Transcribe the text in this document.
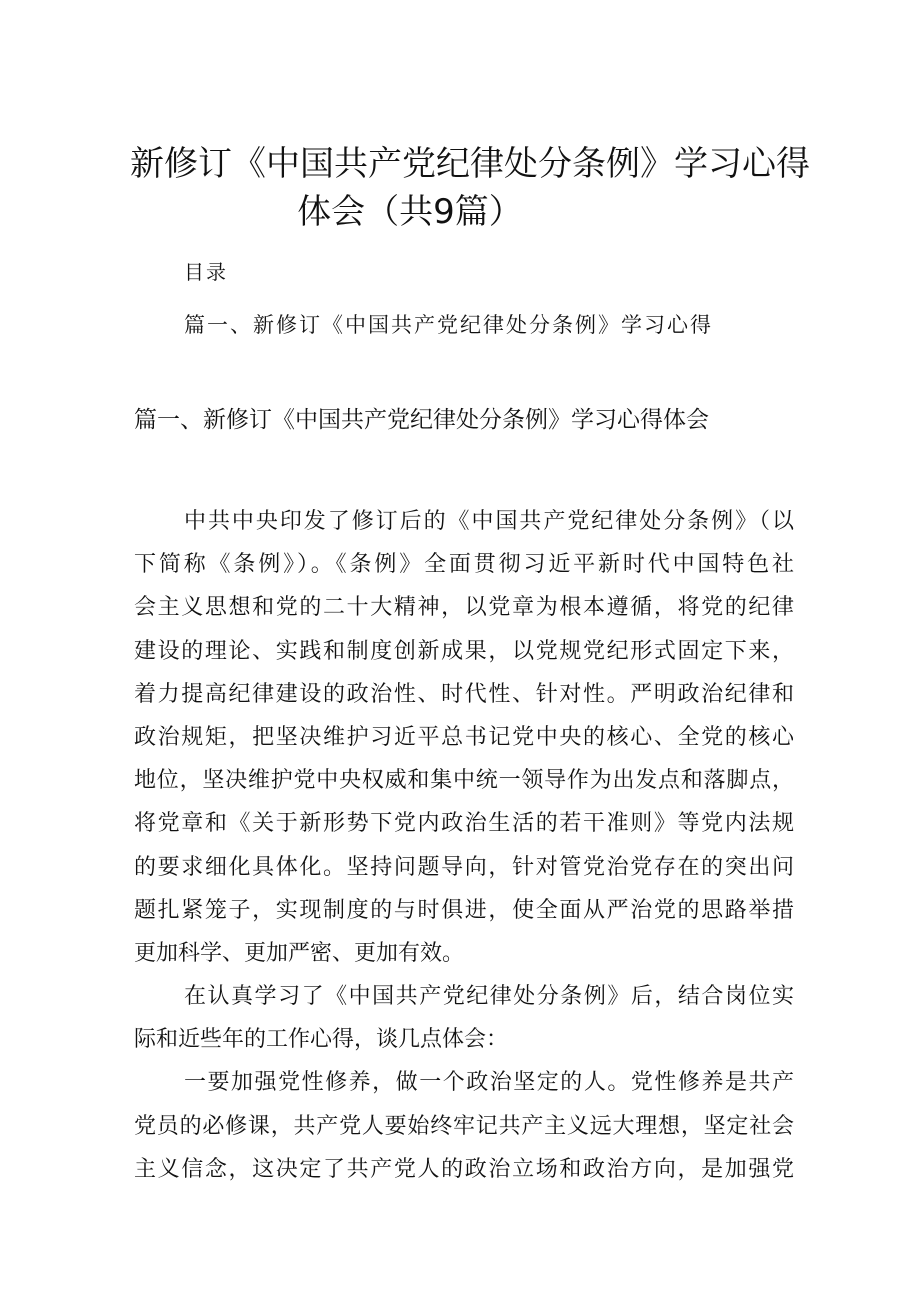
新修订《中国共产党纪律处分条例》学习心得
体会（共9篇）
目录
篇一、新修订《中国共产党纪律处分条例》学习心得
篇一、新修订《中国共产党纪律处分条例》学习心得体会

中共中央印发了修订后的《中国共产党纪律处分条例》（以
下简称《条例》）。《条例》全面贯彻习近平新时代中国特色社
会主义思想和党的二十大精神，以党章为根本遵循，将党的纪律
建设的理论、实践和制度创新成果，以党规党纪形式固定下来，
着力提高纪律建设的政治性、时代性、针对性。严明政治纪律和
政治规矩，把坚决维护习近平总书记党中央的核心、全党的核心
地位，坚决维护党中央权威和集中统一领导作为出发点和落脚点，
将党章和《关于新形势下党内政治生活的若干准则》等党内法规
的要求细化具体化。坚持问题导向，针对管党治党存在的突出问
题扎紧笼子，实现制度的与时俱进，使全面从严治党的思路举措
更加科学、更加严密、更加有效。

在认真学习了《中国共产党纪律处分条例》后，结合岗位实
际和近些年的工作心得，谈几点体会：

一要加强党性修养，做一个政治坚定的人。党性修养是共产
党员的必修课，共产党人要始终牢记共产主义远大理想，坚定社会
主义信念，这决定了共产党人的政治立场和政治方向，是加强党
